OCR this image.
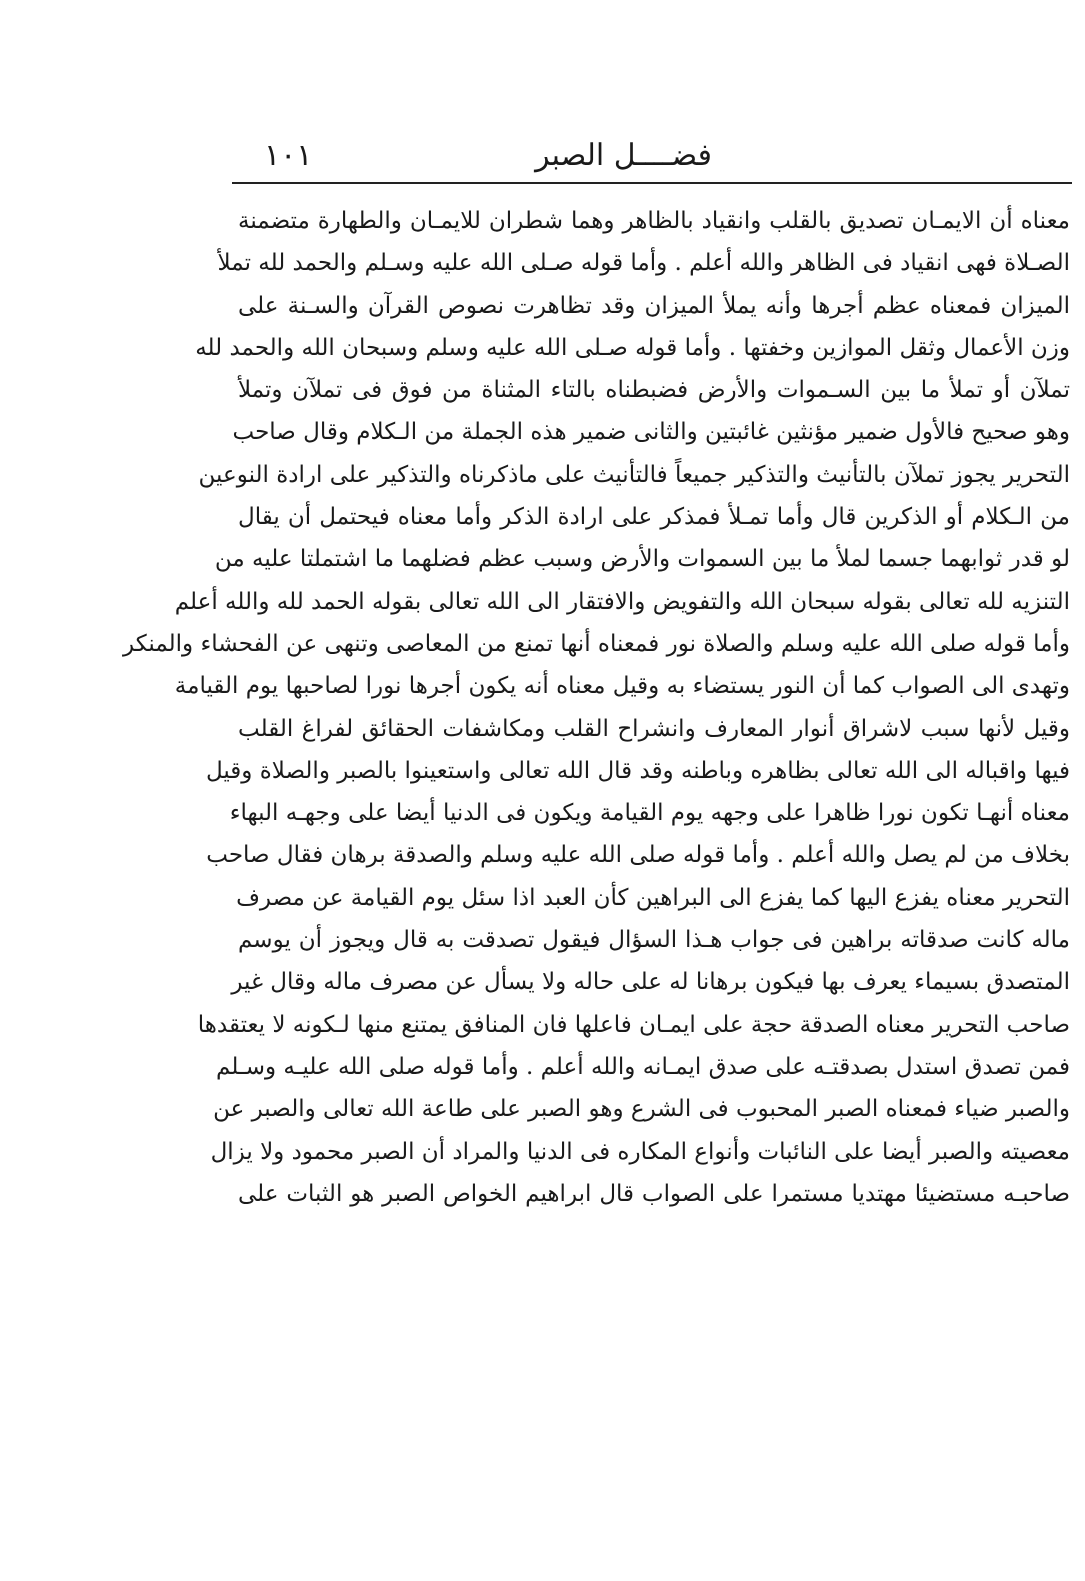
فضــــل الصبر
١٠١
معناه أن الايمـان تصديق بالقلب وانقياد بالظاهر وهما شطران للايمـان والطهارة متضمنة
الصـلاة فهى انقياد فى الظاهر والله أعلم . وأما قوله صـلى الله عليه وسـلم والحمد لله تملأ
الميزان فمعناه عظم أجرها وأنه يملأ الميزان وقد تظاهرت نصوص القرآن والسـنة على
وزن الأعمال وثقل الموازين وخفتها . وأما قوله صـلى الله عليه وسلم وسبحان الله والحمد لله
تملآن أو تملأ ما بين السـموات والأرض فضبطناه بالتاء المثناة من فوق فى تملآن وتملأ
وهو صحيح فالأول ضمير مؤنثين غائبتين والثانى ضمير هذه الجملة من الـكلام وقال صاحب
التحرير يجوز تملآن بالتأنيث والتذكير جميعاً فالتأنيث على ماذكرناه والتذكير على ارادة النوعين
من الـكلام أو الذكرين قال وأما تمـلأ فمذكر على ارادة الذكر وأما معناه فيحتمل أن يقال
لو قدر ثوابهما جسما لملأ ما بين السموات والأرض وسبب عظم فضلهما ما اشتملتا عليه من
التنزيه لله تعالى بقوله سبحان الله والتفويض والافتقار الى الله تعالى بقوله الحمد لله والله أعلم
وأما قوله صلى الله عليه وسلم والصلاة نور فمعناه أنها تمنع من المعاصى وتنهى عن الفحشاء والمنكر
وتهدى الى الصواب كما أن النور يستضاء به وقيل معناه أنه يكون أجرها نورا لصاحبها يوم القيامة
وقيل لأنها سبب لاشراق أنوار المعارف وانشراح القلب ومكاشفات الحقائق لفراغ القلب
فيها واقباله الى الله تعالى بظاهره وباطنه وقد قال الله تعالى واستعينوا بالصبر والصلاة وقيل
معناه أنهـا تكون نورا ظاهرا على وجهه يوم القيامة ويكون فى الدنيا أيضا على وجهـه البهاء
بخلاف من لم يصل والله أعلم . وأما قوله صلى الله عليه وسلم والصدقة برهان فقال صاحب
التحرير معناه يفزع اليها كما يفزع الى البراهين كأن العبد اذا سئل يوم القيامة عن مصرف
ماله كانت صدقاته براهين فى جواب هـذا السؤال فيقول تصدقت به قال ويجوز أن يوسم
المتصدق بسيماء يعرف بها فيكون برهانا له على حاله ولا يسأل عن مصرف ماله وقال غير
صاحب التحرير معناه الصدقة حجة على ايمـان فاعلها فان المنافق يمتنع منها لـكونه لا يعتقدها
فمن تصدق استدل بصدقتـه على صدق ايمـانه والله أعلم . وأما قوله صلى الله عليـه وسـلم
والصبر ضياء فمعناه الصبر المحبوب فى الشرع وهو الصبر على طاعة الله تعالى والصبر عن
معصيته والصبر أيضا على النائبات وأنواع المكاره فى الدنيا والمراد أن الصبر محمود ولا يزال
صاحبـه مستضيئا مهتديا مستمرا على الصواب قال ابراهيم الخواص الصبر هو الثبات على
